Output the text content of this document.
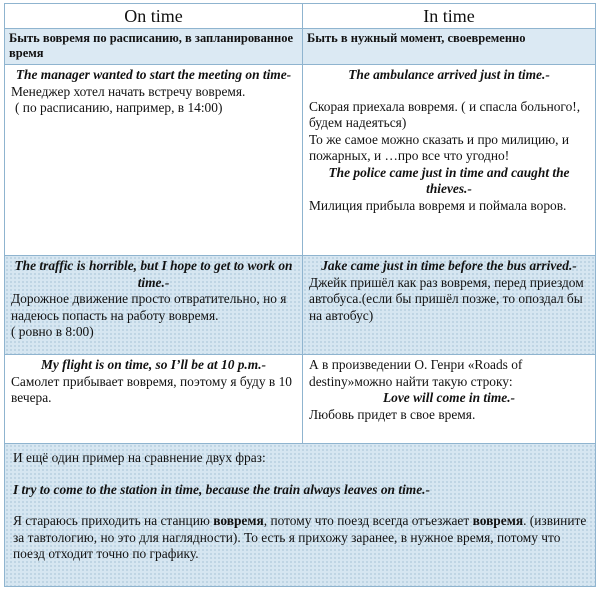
On time	In time
Быть вовремя по расписанию, в запланированное время
Быть в нужный момент, своевременно

The manager wanted to start the meeting on time-

Менеджер хотел начать встречу вовремя.

( по расписанию, например, в 14:00)

The ambulance arrived just in time.-

Скорая приехала вовремя. ( и спасла больного!, будем надеяться)

То же самое можно сказать и про милицию, и пожарных, и …про все что угодно!

The police came just in time and caught the thieves.-

Милиция прибыла вовремя и поймала воров.

The traffic is horrible, but I hope to get to work on time.-

Дорожное движение просто отвратительно, но я надеюсь попасть на работу вовремя.

( ровно в 8:00)

Jake came just in time before the bus arrived.-

Джейк пришёл как раз вовремя, перед приездом автобуса.(если бы пришёл позже, то опоздал бы на автобус)

My flight is on time, so I’ll be at 10 p.m.-

Самолет прибывает вовремя, поэтому я буду в 10 вечера.

А в произведении О. Генри «Roads of destiny»можно найти такую строку:

Love will come in time.-

Любовь придет в свое время.

И ещё один пример на сравнение двух фраз:

I try to come to the station in time, because the train always leaves on time.-

Я стараюсь приходить на станцию вовремя, потому что поезд всегда отъезжает вовремя. (извините за тавтологию, но это для наглядности). То есть я прихожу заранее, в нужное время, потому что поезд отходит точно по графику.
